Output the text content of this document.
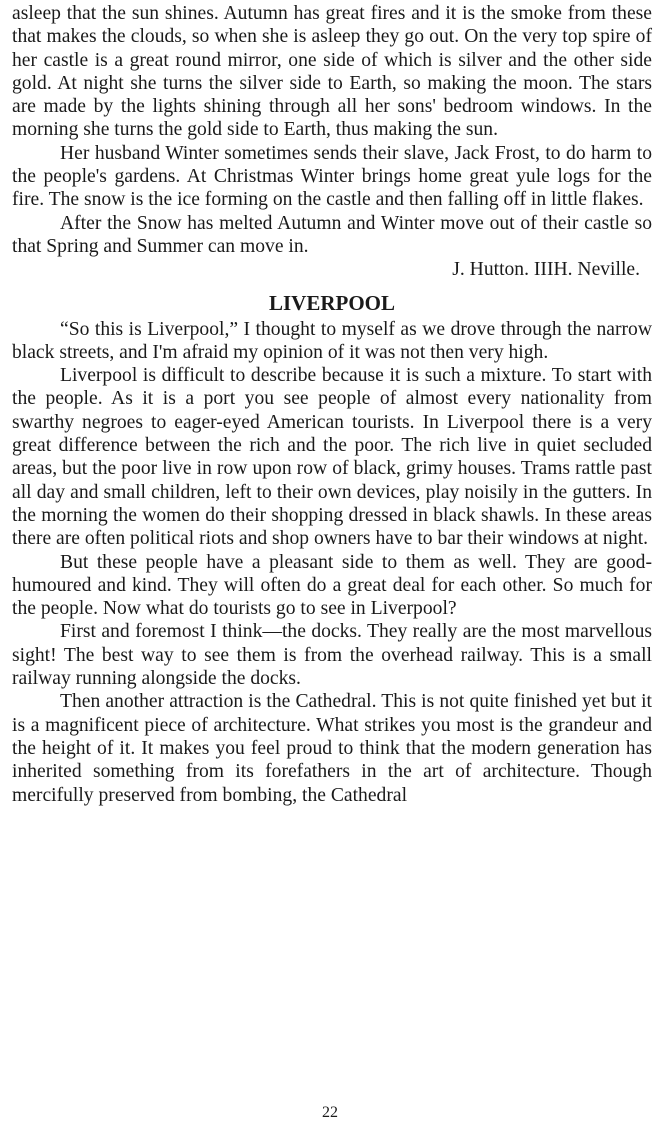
asleep that the sun shines. Autumn has great fires and it is the smoke from these that makes the clouds, so when she is asleep they go out. On the very top spire of her castle is a great round mirror, one side of which is silver and the other side gold. At night she turns the silver side to Earth, so making the moon. The stars are made by the lights shining through all her sons' bedroom windows. In the morning she turns the gold side to Earth, thus making the sun.

Her husband Winter sometimes sends their slave, Jack Frost, to do harm to the people's gardens. At Christmas Winter brings home great yule logs for the fire. The snow is the ice forming on the castle and then falling off in little flakes.

After the Snow has melted Autumn and Winter move out of their castle so that Spring and Summer can move in.

J. Hutton. IIIH. Neville.

LIVERPOOL

“So this is Liverpool,” I thought to myself as we drove through the narrow black streets, and I'm afraid my opinion of it was not then very high.

Liverpool is difficult to describe because it is such a mixture. To start with the people. As it is a port you see people of almost every nationality from swarthy negroes to eager-eyed American tourists. In Liverpool there is a very great difference between the rich and the poor. The rich live in quiet secluded areas, but the poor live in row upon row of black, grimy houses. Trams rattle past all day and small children, left to their own devices, play noisily in the gutters. In the morning the women do their shopping dressed in black shawls. In these areas there are often political riots and shop owners have to bar their windows at night.

But these people have a pleasant side to them as well. They are good-humoured and kind. They will often do a great deal for each other. So much for the people. Now what do tourists go to see in Liverpool?

First and foremost I think—the docks. They really are the most marvellous sight! The best way to see them is from the overhead railway. This is a small railway running alongside the docks.

Then another attraction is the Cathedral. This is not quite finished yet but it is a magnificent piece of architecture. What strikes you most is the grandeur and the height of it. It makes you feel proud to think that the modern generation has inherited something from its forefathers in the art of architecture. Though mercifully preserved from bombing, the Cathedral

22
